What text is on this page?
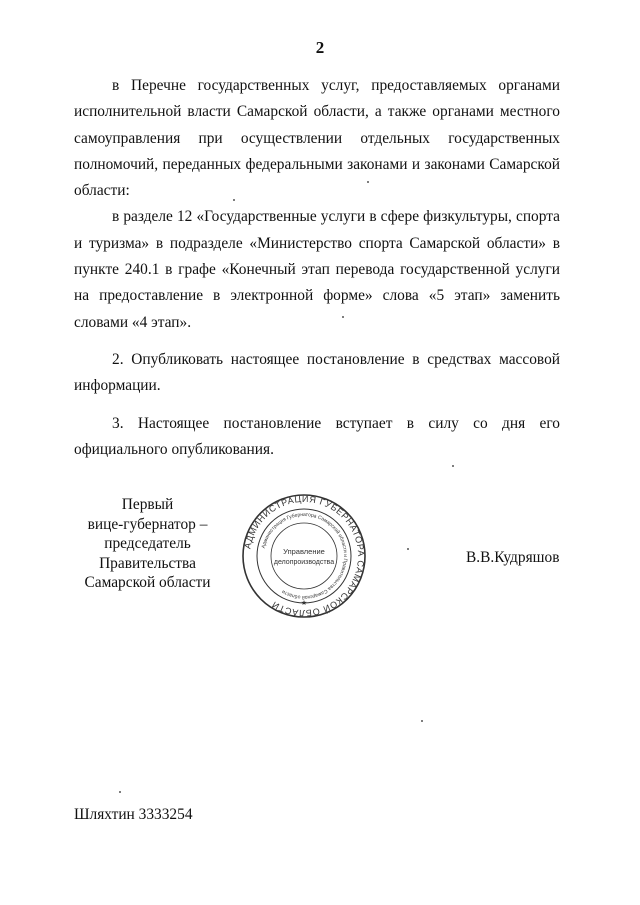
2

в Перечне государственных услуг, предоставляемых органами исполнительной власти Самарской области, а также органами местного самоуправления при осуществлении отдельных государственных полномочий, переданных федеральными законами и законами Самарской области:

в разделе 12 «Государственные услуги в сфере физкультуры, спорта и туризма» в подразделе «Министерство спорта Самарской области» в пункте 240.1 в графе «Конечный этап перевода государственной услуги на предоставление в электронной форме» слова «5 этап» заменить словами «4 этап».

2. Опубликовать настоящее постановление в средствах массовой информации.

3. Настоящее постановление вступает в силу со дня его официального опубликования.

Первый
вице-губернатор –
председатель Правительства
Самарской области
АДМИНИСТРАЦИЯ ГУБЕРНАТОРА САМАРСКОЙ ОБЛАСТИ
Администрация Губернатора Самарской области и Правительства Самарской области
Управление
делопроизводства
★
В.В.Кудряшов
Шляхтин 3333254
